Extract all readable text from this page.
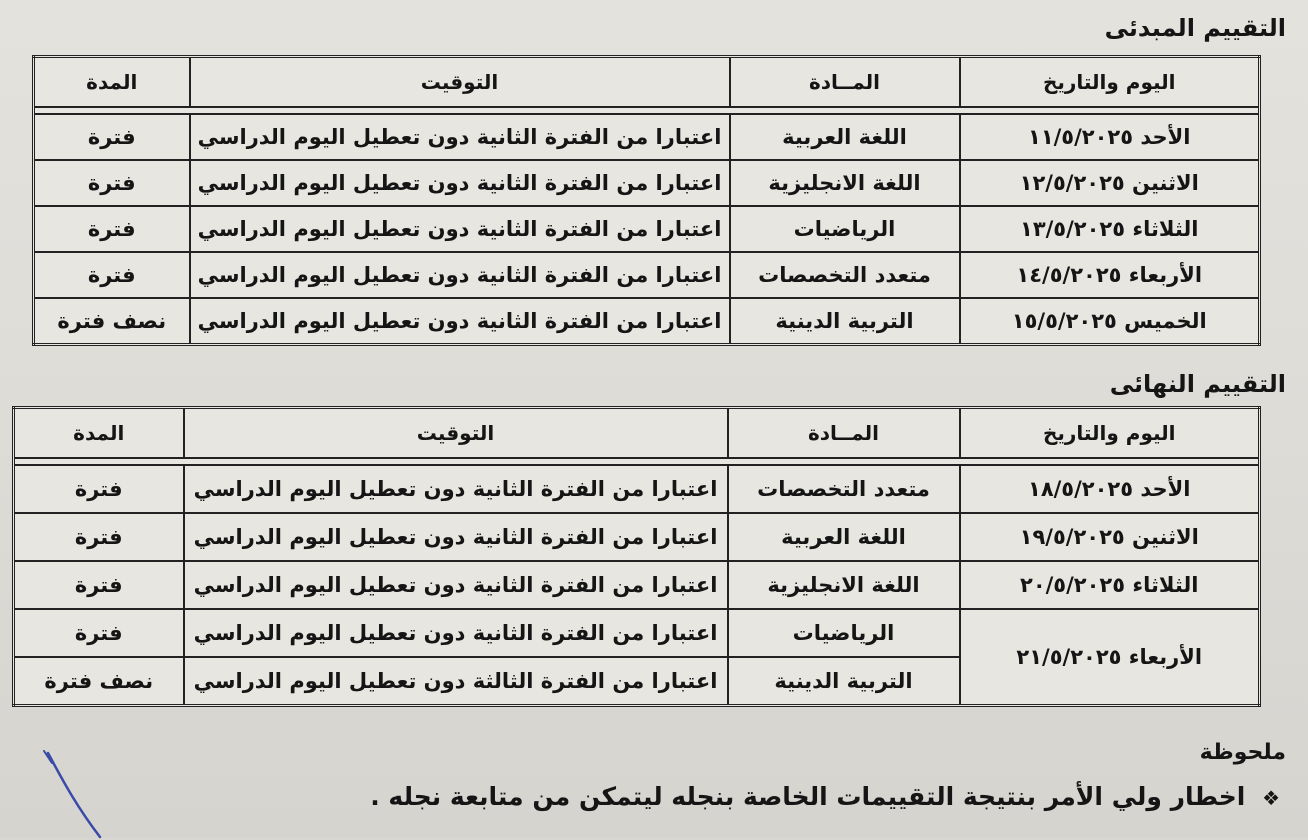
التقييم المبدئى
اليوم والتاريخ	المــادة	التوقيت	المدة

الأحد ١١/٥/٢٠٢٥	اللغة العربية	اعتبارا من الفترة الثانية دون تعطيل اليوم الدراسي	فترة
الاثنين ١٢/٥/٢٠٢٥	اللغة الانجليزية	اعتبارا من الفترة الثانية دون تعطيل اليوم الدراسي	فترة
الثلاثاء ١٣/٥/٢٠٢٥	الرياضيات	اعتبارا من الفترة الثانية دون تعطيل اليوم الدراسي	فترة
الأربعاء ١٤/٥/٢٠٢٥	متعدد التخصصات	اعتبارا من الفترة الثانية دون تعطيل اليوم الدراسي	فترة
الخميس ١٥/٥/٢٠٢٥	التربية الدينية	اعتبارا من الفترة الثانية دون تعطيل اليوم الدراسي	نصف فترة
التقييم النهائى
اليوم والتاريخ	المــادة	التوقيت	المدة

الأحد ١٨/٥/٢٠٢٥	متعدد التخصصات	اعتبارا من الفترة الثانية دون تعطيل اليوم الدراسي	فترة
الاثنين ١٩/٥/٢٠٢٥	اللغة العربية	اعتبارا من الفترة الثانية دون تعطيل اليوم الدراسي	فترة
الثلاثاء ٢٠/٥/٢٠٢٥	اللغة الانجليزية	اعتبارا من الفترة الثانية دون تعطيل اليوم الدراسي	فترة
الأربعاء ٢١/٥/٢٠٢٥	الرياضيات	اعتبارا من الفترة الثانية دون تعطيل اليوم الدراسي	فترة
	التربية الدينية	اعتبارا من الفترة الثالثة دون تعطيل اليوم الدراسي	نصف فترة
ملحوظة
❖ اخطار ولي الأمر بنتيجة التقييمات الخاصة بنجله ليتمكن من متابعة نجله .
